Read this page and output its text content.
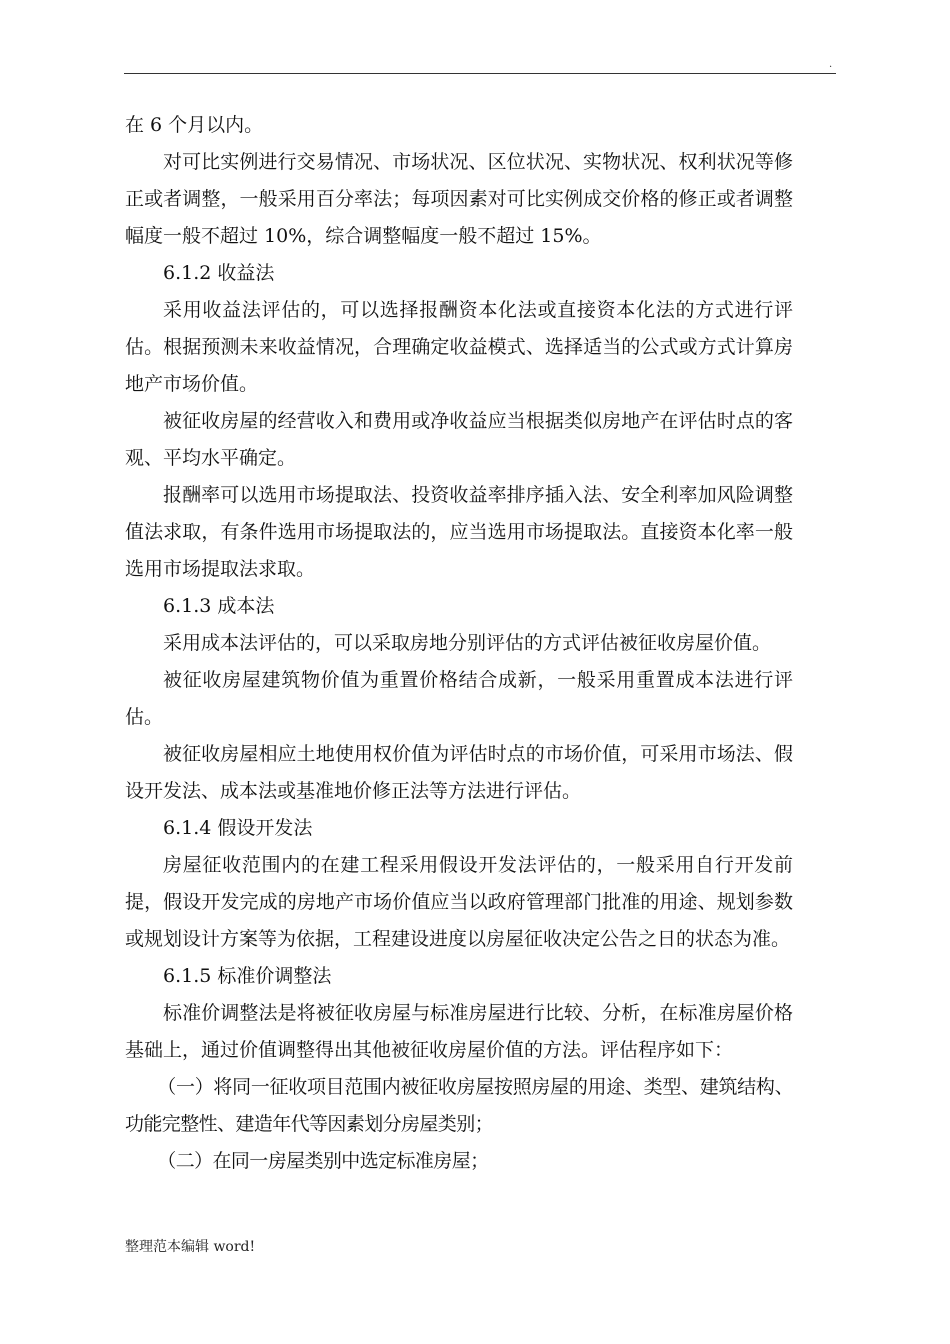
.

在 6 个月以内。

对可比实例进行交易情况、市场状况、区位状况、实物状况、权利状况等修正或者调整，一般采用百分率法；每项因素对可比实例成交价格的修正或者调整幅度一般不超过 10%，综合调整幅度一般不超过 15%。

6.1.2 收益法

采用收益法评估的，可以选择报酬资本化法或直接资本化法的方式进行评估。根据预测未来收益情况，合理确定收益模式、选择适当的公式或方式计算房地产市场价值。

被征收房屋的经营收入和费用或净收益应当根据类似房地产在评估时点的客观、平均水平确定。

报酬率可以选用市场提取法、投资收益率排序插入法、安全利率加风险调整值法求取，有条件选用市场提取法的，应当选用市场提取法。直接资本化率一般选用市场提取法求取。

6.1.3 成本法

采用成本法评估的，可以采取房地分别评估的方式评估被征收房屋价值。

被征收房屋建筑物价值为重置价格结合成新，一般采用重置成本法进行评估。

被征收房屋相应土地使用权价值为评估时点的市场价值，可采用市场法、假设开发法、成本法或基准地价修正法等方法进行评估。

6.1.4 假设开发法

房屋征收范围内的在建工程采用假设开发法评估的，一般采用自行开发前提，假设开发完成的房地产市场价值应当以政府管理部门批准的用途、规划参数或规划设计方案等为依据，工程建设进度以房屋征收决定公告之日的状态为准。

6.1.5 标准价调整法

标准价调整法是将被征收房屋与标准房屋进行比较、分析，在标准房屋价格基础上，通过价值调整得出其他被征收房屋价值的方法。评估程序如下：

（一）将同一征收项目范围内被征收房屋按照房屋的用途、类型、建筑结构、功能完整性、建造年代等因素划分房屋类别；

（二）在同一房屋类别中选定标准房屋；

整理范本编辑 word!
